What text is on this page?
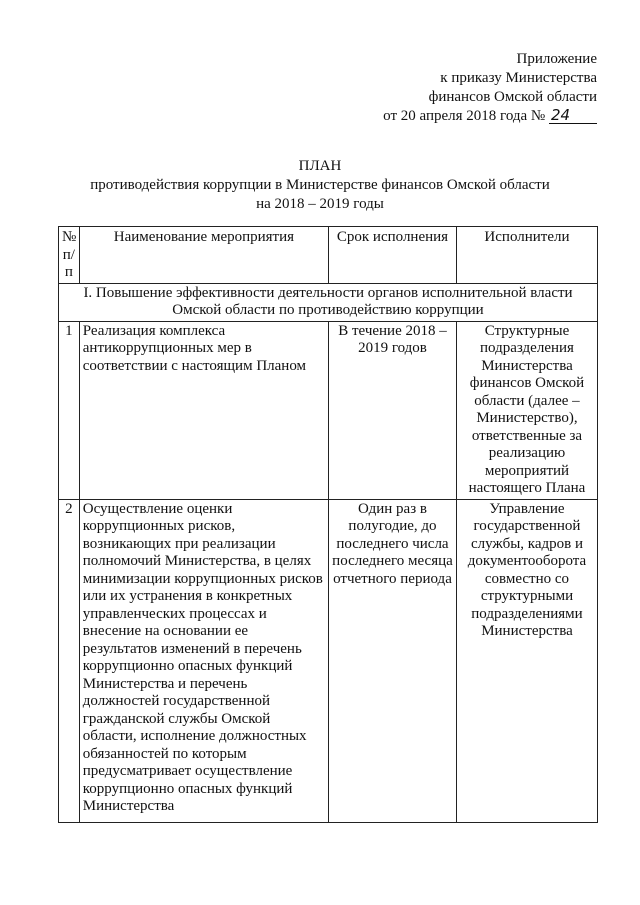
Приложение
к приказу Министерства
финансов Омской области
от 20 апреля 2018 года № 24
ПЛАН
противодействия коррупции в Министерстве финансов Омской области
на 2018 – 2019 годы
№ п/п	Наименование мероприятия	Срок исполнения	Исполнители
I. Повышение эффективности деятельности органов исполнительной власти Омской области по противодействию коррупции			
1	Реализация комплекса антикоррупционных мер в соответствии с настоящим Планом	В течение 2018 – 2019 годов	Структурные подразделения Министерства финансов Омской области (далее – Министерство), ответственные за реализацию мероприятий настоящего Плана
2	Осуществление оценки коррупционных рисков, возникающих при реализации полномочий Министерства, в целях минимизации коррупционных рисков или их устранения в конкретных управленческих процессах и внесение на основании ее результатов изменений в перечень коррупционно опасных функций Министерства и перечень должностей государственной гражданской службы Омской области, исполнение должностных обязанностей по которым предусматривает осуществление коррупционно опасных функций Министерства	Один раз в полугодие, до последнего числа последнего месяца отчетного периода	Управление государственной службы, кадров и документооборота совместно со структурными подразделениями Министерства
